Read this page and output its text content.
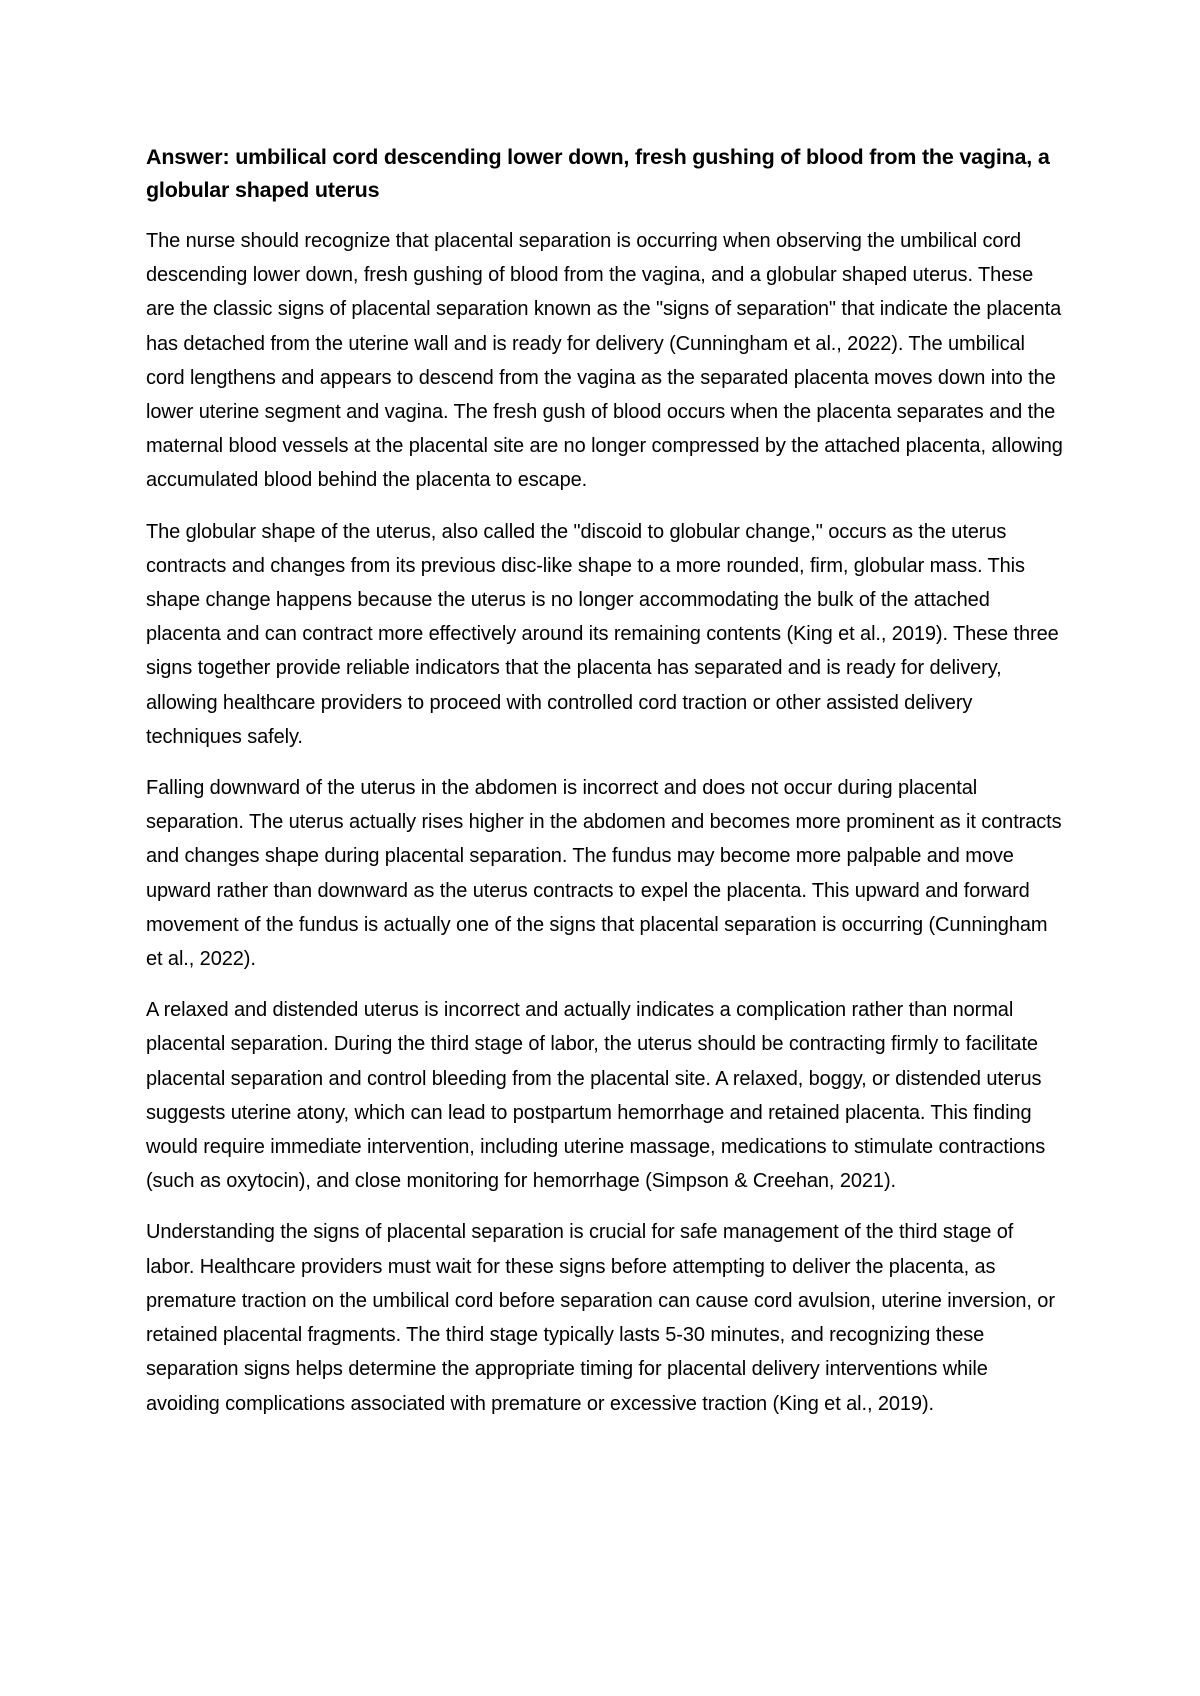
Answer: umbilical cord descending lower down, fresh gushing of blood from the vagina, a globular shaped uterus

The nurse should recognize that placental separation is occurring when observing the umbilical cord descending lower down, fresh gushing of blood from the vagina, and a globular shaped uterus. These are the classic signs of placental separation known as the "signs of separation" that indicate the placenta has detached from the uterine wall and is ready for delivery (Cunningham et al., 2022). The umbilical cord lengthens and appears to descend from the vagina as the separated placenta moves down into the lower uterine segment and vagina. The fresh gush of blood occurs when the placenta separates and the maternal blood vessels at the placental site are no longer compressed by the attached placenta, allowing accumulated blood behind the placenta to escape.

The globular shape of the uterus, also called the "discoid to globular change," occurs as the uterus contracts and changes from its previous disc-like shape to a more rounded, firm, globular mass. This shape change happens because the uterus is no longer accommodating the bulk of the attached placenta and can contract more effectively around its remaining contents (King et al., 2019). These three signs together provide reliable indicators that the placenta has separated and is ready for delivery, allowing healthcare providers to proceed with controlled cord traction or other assisted delivery techniques safely.

Falling downward of the uterus in the abdomen is incorrect and does not occur during placental separation. The uterus actually rises higher in the abdomen and becomes more prominent as it contracts and changes shape during placental separation. The fundus may become more palpable and move upward rather than downward as the uterus contracts to expel the placenta. This upward and forward movement of the fundus is actually one of the signs that placental separation is occurring (Cunningham et al., 2022).

A relaxed and distended uterus is incorrect and actually indicates a complication rather than normal placental separation. During the third stage of labor, the uterus should be contracting firmly to facilitate placental separation and control bleeding from the placental site. A relaxed, boggy, or distended uterus suggests uterine atony, which can lead to postpartum hemorrhage and retained placenta. This finding would require immediate intervention, including uterine massage, medications to stimulate contractions (such as oxytocin), and close monitoring for hemorrhage (Simpson & Creehan, 2021).

Understanding the signs of placental separation is crucial for safe management of the third stage of labor. Healthcare providers must wait for these signs before attempting to deliver the placenta, as premature traction on the umbilical cord before separation can cause cord avulsion, uterine inversion, or retained placental fragments. The third stage typically lasts 5-30 minutes, and recognizing these separation signs helps determine the appropriate timing for placental delivery interventions while avoiding complications associated with premature or excessive traction (King et al., 2019).
